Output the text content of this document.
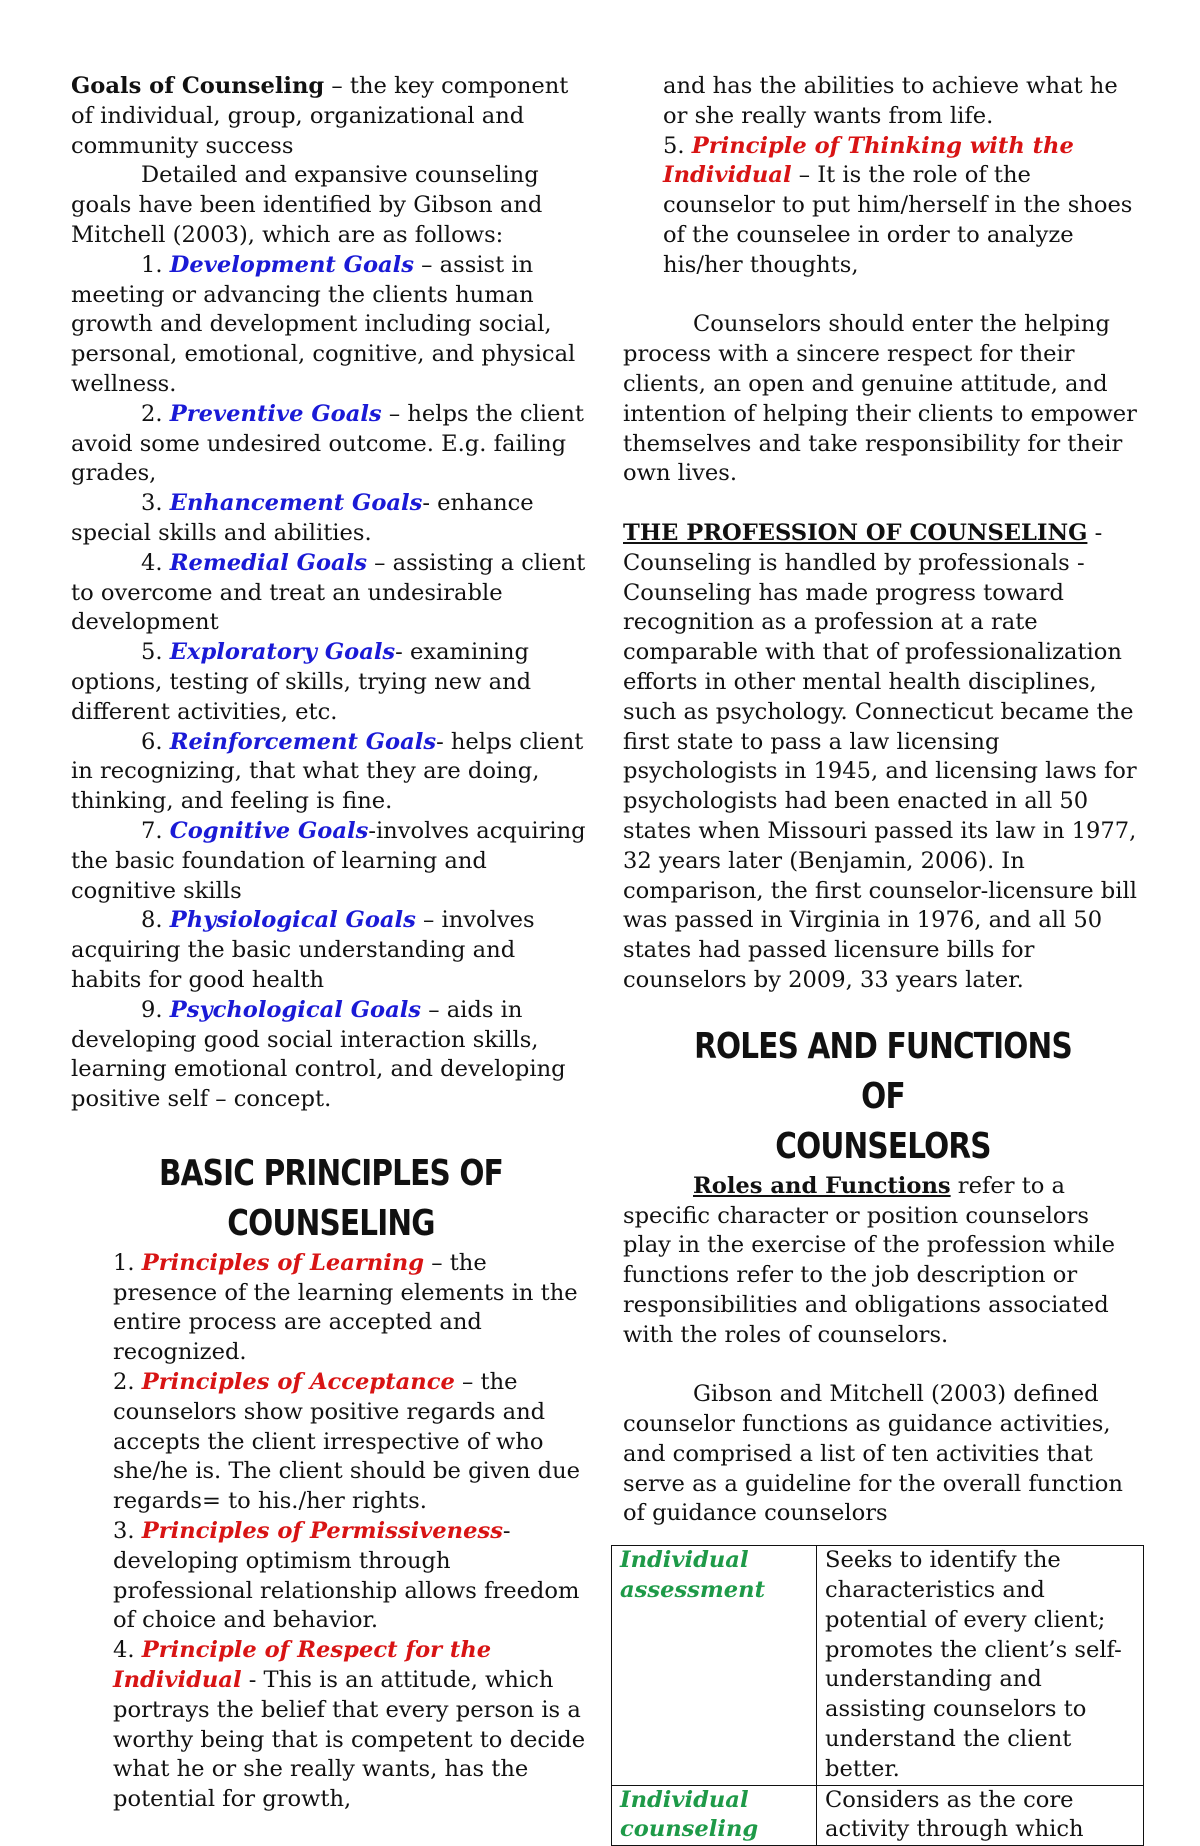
Goals of Counseling – the key component of individual, group, organizational and community success

Detailed and expansive counseling goals have been identified by Gibson and Mitchell (2003), which are as follows:

1. Development Goals – assist in meeting or advancing the clients human growth and development including social, personal, emotional, cognitive, and physical wellness.

2. Preventive Goals – helps the client avoid some undesired outcome. E.g. failing grades,

3. Enhancement Goals- enhance special skills and abilities.

4. Remedial Goals – assisting a client to overcome and treat an undesirable development

5. Exploratory Goals- examining options, testing of skills, trying new and different activities, etc.

6. Reinforcement Goals- helps client in recognizing, that what they are doing, thinking, and feeling is fine.

7. Cognitive Goals-involves acquiring the basic foundation of learning and cognitive skills

8. Physiological Goals – involves acquiring the basic understanding and habits for good health

9. Psychological Goals – aids in developing good social interaction skills, learning emotional control, and developing positive self – concept.

BASIC PRINCIPLES OF
COUNSELING

1. Principles of Learning – the presence of the learning elements in the entire process are accepted and recognized.

2. Principles of Acceptance – the counselors show positive regards and accepts the client irrespective of who she/he is. The client should be given due regards= to his./her rights.

3. Principles of Permissiveness- developing optimism through professional relationship allows freedom of choice and behavior.

4. Principle of Respect for the Individual - This is an attitude, which portrays the belief that every person is a worthy being that is competent to decide what he or she really wants, has the potential for growth,

and has the abilities to achieve what he or she really wants from life.

5. Principle of Thinking with the Individual – It is the role of the counselor to put him/herself in the shoes of the counselee in order to analyze his/her thoughts,

Counselors should enter the helping process with a sincere respect for their clients, an open and genuine attitude, and intention of helping their clients to empower themselves and take responsibility for their own lives.

THE PROFESSION OF COUNSELING - Counseling is handled by professionals - Counseling has made progress toward recognition as a profession at a rate comparable with that of professionalization efforts in other mental health disciplines, such as psychology. Connecticut became the first state to pass a law licensing psychologists in 1945, and licensing laws for psychologists had been enacted in all 50 states when Missouri passed its law in 1977, 32 years later (Benjamin, 2006). In comparison, the first counselor-licensure bill was passed in Virginia in 1976, and all 50 states had passed licensure bills for counselors by 2009, 33 years later.

ROLES AND FUNCTIONS OF
COUNSELORS

Roles and Functions refer to a specific character or position counselors play in the exercise of the profession while functions refer to the job description or responsibilities and obligations associated with the roles of counselors.

Gibson and Mitchell (2003) defined counselor functions as guidance activities, and comprised a list of ten activities that serve as a guideline for the overall function of guidance counselors

Individual assessment	Seeks to identify the characteristics and potential of every client; promotes the client’s self-understanding and assisting counselors to understand the client better.
Individual counseling	Considers as the core activity through which
